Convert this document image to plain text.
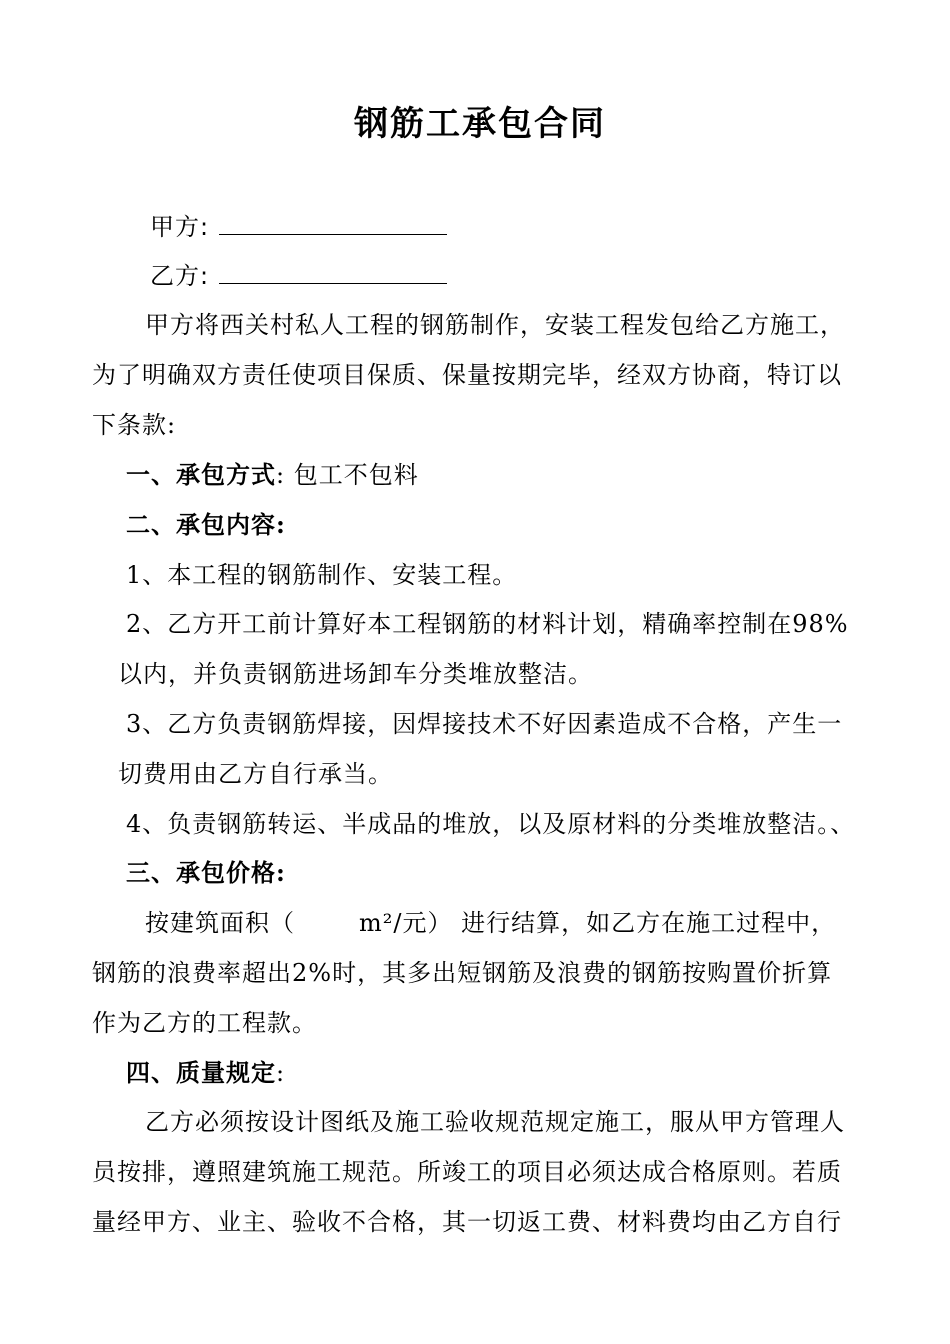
钢筋工承包合同
甲方:
乙方:
甲方将西关村私人工程的钢筋制作，安装工程发包给乙方施工，
为了明确双方责任使项目保质、保量按期完毕，经双方协商，特订以
下条款:
一、承包方式: 包工不包料
二、承包内容:
1、本工程的钢筋制作、安装工程。
2、乙方开工前计算好本工程钢筋的材料计划，精确率控制在98%
以内，并负责钢筋进场卸车分类堆放整洁。
3、乙方负责钢筋焊接，因焊接技术不好因素造成不合格，产生一
切费用由乙方自行承当。
4、负责钢筋转运、半成品的堆放，以及原材料的分类堆放整洁。、
三、承包价格:
按建筑面积（	m²/元） 进行结算，如乙方在施工过程中，
钢筋的浪费率超出2%时，其多出短钢筋及浪费的钢筋按购置价折算
作为乙方的工程款。
四、质量规定:
乙方必须按设计图纸及施工验收规范规定施工，服从甲方管理人
员按排，遵照建筑施工规范。所竣工的项目必须达成合格原则。若质
量经甲方、业主、验收不合格，其一切返工费、材料费均由乙方自行
